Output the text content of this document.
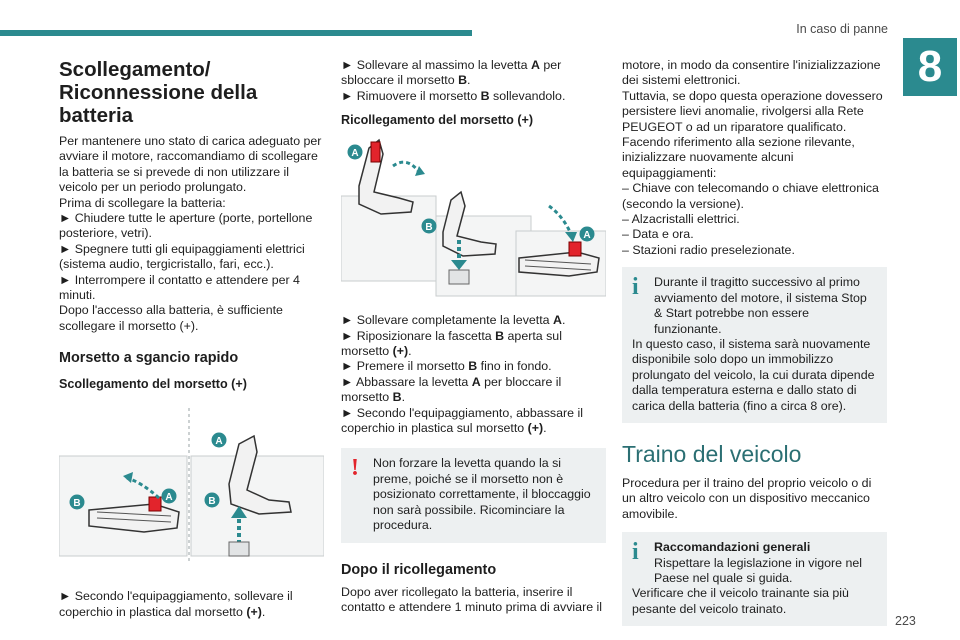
In caso di panne
8
Scollegamento/ Riconnessione della batteria

Per mantenere uno stato di carica adeguato per avviare il motore, raccomandiamo di scollegare la batteria se si prevede di non utilizzare il veicolo per un periodo prolungato.

Prima di scollegare la batteria:

► Chiudere tutte le aperture (porte, portellone posteriore, vetri).

► Spegnere tutti gli equipaggiamenti elettrici (sistema audio, tergicristallo, fari, ecc.).

► Interrompere il contatto e attendere per 4 minuti.

Dopo l'accesso alla batteria, è sufficiente scollegare il morsetto (+).

Morsetto a sgancio rapido
Scollegamento del morsetto (+)
A
B
A
B

► Secondo l'equipaggiamento, sollevare il coperchio in plastica dal morsetto (+).

► Sollevare al massimo la levetta A per sbloccare il morsetto B.

► Rimuovere il morsetto B sollevandolo.

Ricollegamento del morsetto (+)
A
B
A

► Sollevare completamente la levetta A.

► Riposizionare la fascetta B aperta sul morsetto (+).

► Premere il morsetto B fino in fondo.

► Abbassare la levetta A per bloccare il morsetto B.

► Secondo l'equipaggiamento, abbassare il coperchio in plastica sul morsetto (+).

!	Non forzare la levetta quando la si preme, poiché se il morsetto non è posizionato correttamente, il bloccaggio non sarà possibile. Ricominciare la procedura.

Dopo il ricollegamento

Dopo aver ricollegato la batteria, inserire il contatto e attendere 1 minuto prima di avviare il

motore, in modo da consentire l'inizializzazione dei sistemi elettronici.

Tuttavia, se dopo questa operazione dovessero persistere lievi anomalie, rivolgersi alla Rete PEUGEOT o ad un riparatore qualificato.

Facendo riferimento alla sezione rilevante, inizializzare nuovamente alcuni equipaggiamenti:

– Chiave con telecomando o chiave elettronica (secondo la versione).

– Alzacristalli elettrici.

– Data e ora.

– Stazioni radio preselezionate.

i	Durante il tragitto successivo al primo avviamento del motore, il sistema Stop & Start potrebbe non essere funzionante.

In questo caso, il sistema sarà nuovamente disponibile solo dopo un immobilizzo prolungato del veicolo, la cui durata dipende dalla temperatura esterna e dallo stato di carica della batteria (fino a circa 8 ore).

Traino del veicolo

Procedura per il traino del proprio veicolo o di un altro veicolo con un dispositivo meccanico amovibile.

i	Raccomandazioni generali

Rispettare la legislazione in vigore nel Paese nel quale si guida.

Verificare che il veicolo trainante sia più pesante del veicolo trainato.

223
